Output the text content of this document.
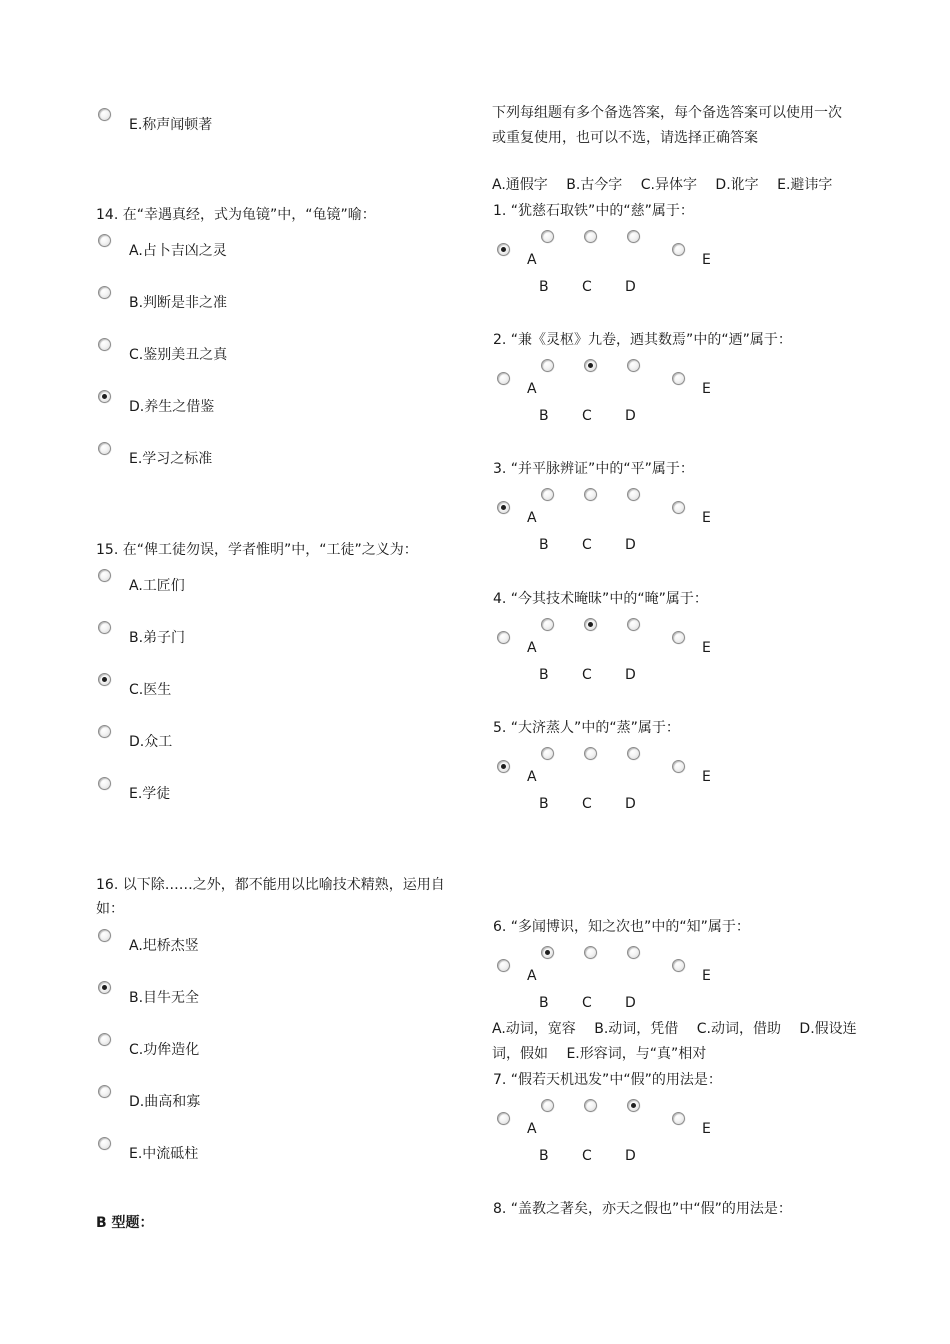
E.称声闻顿著
14. 在“幸遇真经，式为龟镜”中，“龟镜”喻：
A.占卜吉凶之灵
B.判断是非之准
C.鉴别美丑之真
D.养生之借鉴
E.学习之标准
15. 在“俾工徒勿误，学者惟明”中，“工徒”之义为：
A.工匠们
B.弟子门
C.医生
D.众工
E.学徒
16. 以下除……之外，都不能用以比喻技术精熟，运用自
如：
A.圯桥杰竖
B.目牛无全
C.功侔造化
D.曲高和寡
E.中流砥柱
B 型题：
下列每组题有多个备选答案，每个备选答案可以使用一次
或重复使用，也可以不选，请选择正确答案
A.通假字　 B.古今字　 C.异体字　 D.讹字　 E.避讳字
1. “犹慈石取铁”中的“慈”属于：
A
B C D
E
2. “兼《灵枢》九卷，迺其数焉”中的“迺”属于：
A
B C D
E
3. “并平脉辨证”中的“平”属于：
A
B C D
E
4. “今其技术晻昧”中的“晻”属于：
A
B C D
E
5. “大济蒸人”中的“蒸”属于：
A
B C D
E
6. “多闻博识，知之次也”中的“知”属于：
A
B C D
E
A.动词，宽容　 B.动词，凭借　 C.动词，借助　 D.假设连
词，假如　 E.形容词，与“真”相对
7. “假若天机迅发”中“假”的用法是：
A
B C D
E
8. “盖教之著矣，亦天之假也”中“假”的用法是：
